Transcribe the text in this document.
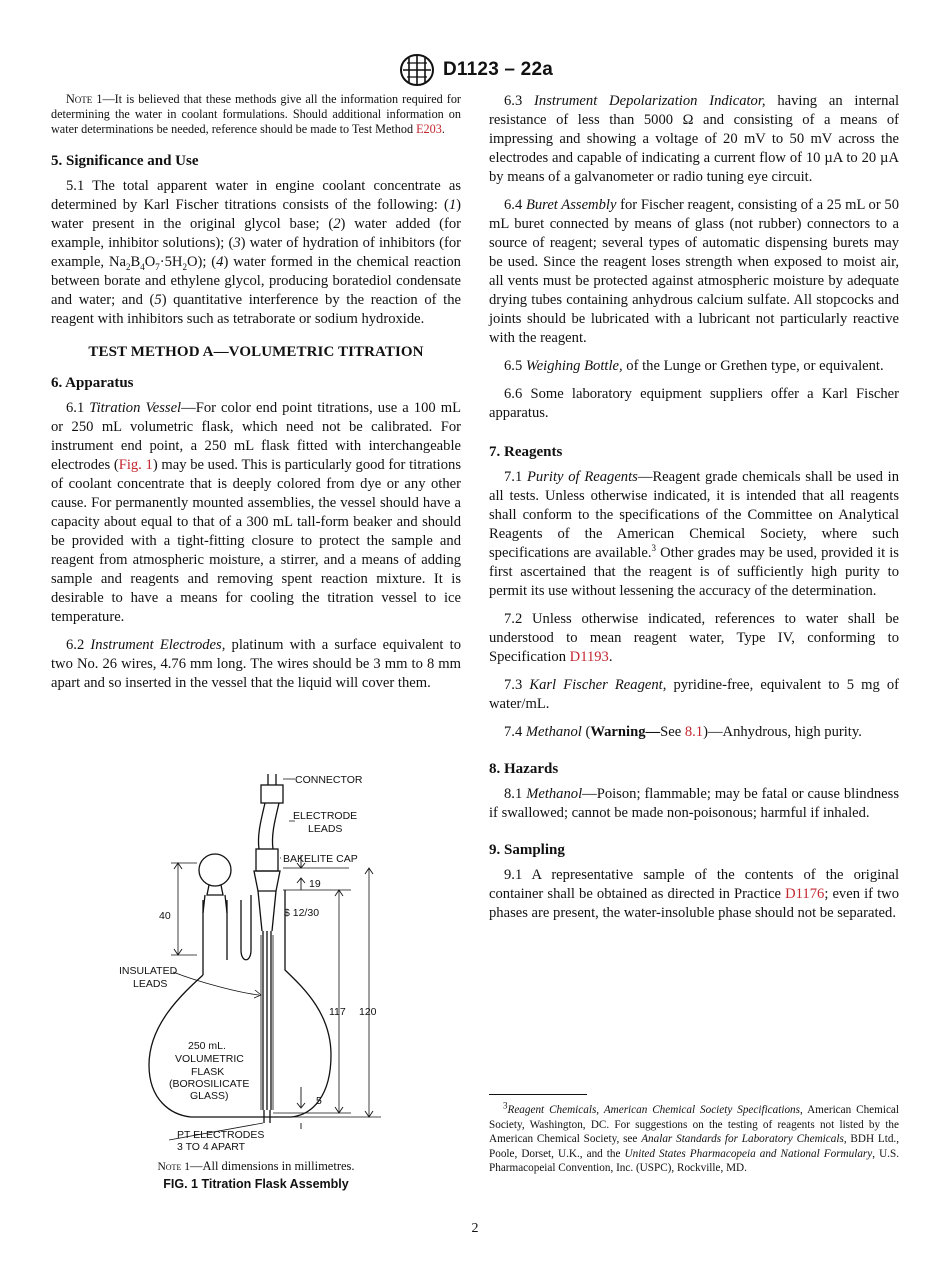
D1123 – 22a
Note 1—It is believed that these methods give all the information required for determining the water in coolant formulations. Should additional information on water determinations be needed, reference should be made to Test Method E203.
5. Significance and Use

5.1 The total apparent water in engine coolant concentrate as determined by Karl Fischer titrations consists of the following: (1) water present in the original glycol base; (2) water added (for example, inhibitor solutions); (3) water of hydration of inhibitors (for example, $Na_2B_4O_7\cdot 5H_2O$); (4) water formed in the chemical reaction between borate and ethylene glycol, producing boratediol condensate and water; and (5) quantitative interference by the reaction of the reagent with inhibitors such as tetraborate or sodium hydroxide.

TEST METHOD A—VOLUMETRIC TITRATION
6. Apparatus

6.1 Titration Vessel—For color end point titrations, use a 100 mL or 250 mL volumetric flask, which need not be calibrated. For instrument end point, a 250 mL flask fitted with interchangeable electrodes (Fig. 1) may be used. This is particularly good for titrations of coolant concentrate that is deeply colored from dye or any other cause. For permanently mounted assemblies, the vessel should have a capacity about equal to that of a 300 mL tall-form beaker and should be provided with a tight-fitting closure to protect the sample and reagent from atmospheric moisture, a stirrer, and a means of adding sample and reagents and removing spent reaction mixture. It is desirable to have a means for cooling the titration vessel to ice temperature.

6.2 Instrument Electrodes, platinum with a surface equivalent to two No. 26 wires, 4.76 mm long. The wires should be 3 mm to 8 mm apart and so inserted in the vessel that the liquid will cover them.

CONNECTOR
ELECTRODE
LEADS
BAKELITE CAP
19
40	$ 12/30
INSULATED
LEADS
117 120
250 mL.
VOLUMETRIC
FLASK
(BOROSILICATE
GLASS)	5
PT ELECTRODES
3 TO 4 APART
Note 1—All dimensions in millimetres.
FIG. 1 Titration Flask Assembly

6.3 Instrument Depolarization Indicator, having an internal resistance of less than 5000 Ω and consisting of a means of impressing and showing a voltage of 20 mV to 50 mV across the electrodes and capable of indicating a current flow of 10 µA to 20 µA by means of a galvanometer or radio tuning eye circuit.

6.4 Buret Assembly for Fischer reagent, consisting of a 25 mL or 50 mL buret connected by means of glass (not rubber) connectors to a source of reagent; several types of automatic dispensing burets may be used. Since the reagent loses strength when exposed to moist air, all vents must be protected against atmospheric moisture by adequate drying tubes containing anhydrous calcium sulfate. All stopcocks and joints should be lubricated with a lubricant not particularly reactive with the reagent.

6.5 Weighing Bottle, of the Lunge or Grethen type, or equivalent.

6.6 Some laboratory equipment suppliers offer a Karl Fischer apparatus.

7. Reagents

7.1 Purity of Reagents—Reagent grade chemicals shall be used in all tests. Unless otherwise indicated, it is intended that all reagents shall conform to the specifications of the Committee on Analytical Reagents of the American Chemical Society, where such specifications are available.$^3$ Other grades may be used, provided it is first ascertained that the reagent is of sufficiently high purity to permit its use without lessening the accuracy of the determination.

7.2 Unless otherwise indicated, references to water shall be understood to mean reagent water, Type IV, conforming to Specification D1193.

7.3 Karl Fischer Reagent, pyridine-free, equivalent to 5 mg of water/mL.

7.4 Methanol (Warning—See 8.1)—Anhydrous, high purity.

8. Hazards

8.1 Methanol—Poison; flammable; may be fatal or cause blindness if swallowed; cannot be made non-poisonous; harmful if inhaled.

9. Sampling

9.1 A representative sample of the contents of the original container shall be obtained as directed in Practice D1176; even if two phases are present, the water-insoluble phase should not be separated.

$^3$Reagent Chemicals, American Chemical Society Specifications, American Chemical Society, Washington, DC. For suggestions on the testing of reagents not listed by the American Chemical Society, see Analar Standards for Laboratory Chemicals, BDH Ltd., Poole, Dorset, U.K., and the United States Pharmacopeia and National Formulary, U.S. Pharmacopeial Convention, Inc. (USPC), Rockville, MD.
2
